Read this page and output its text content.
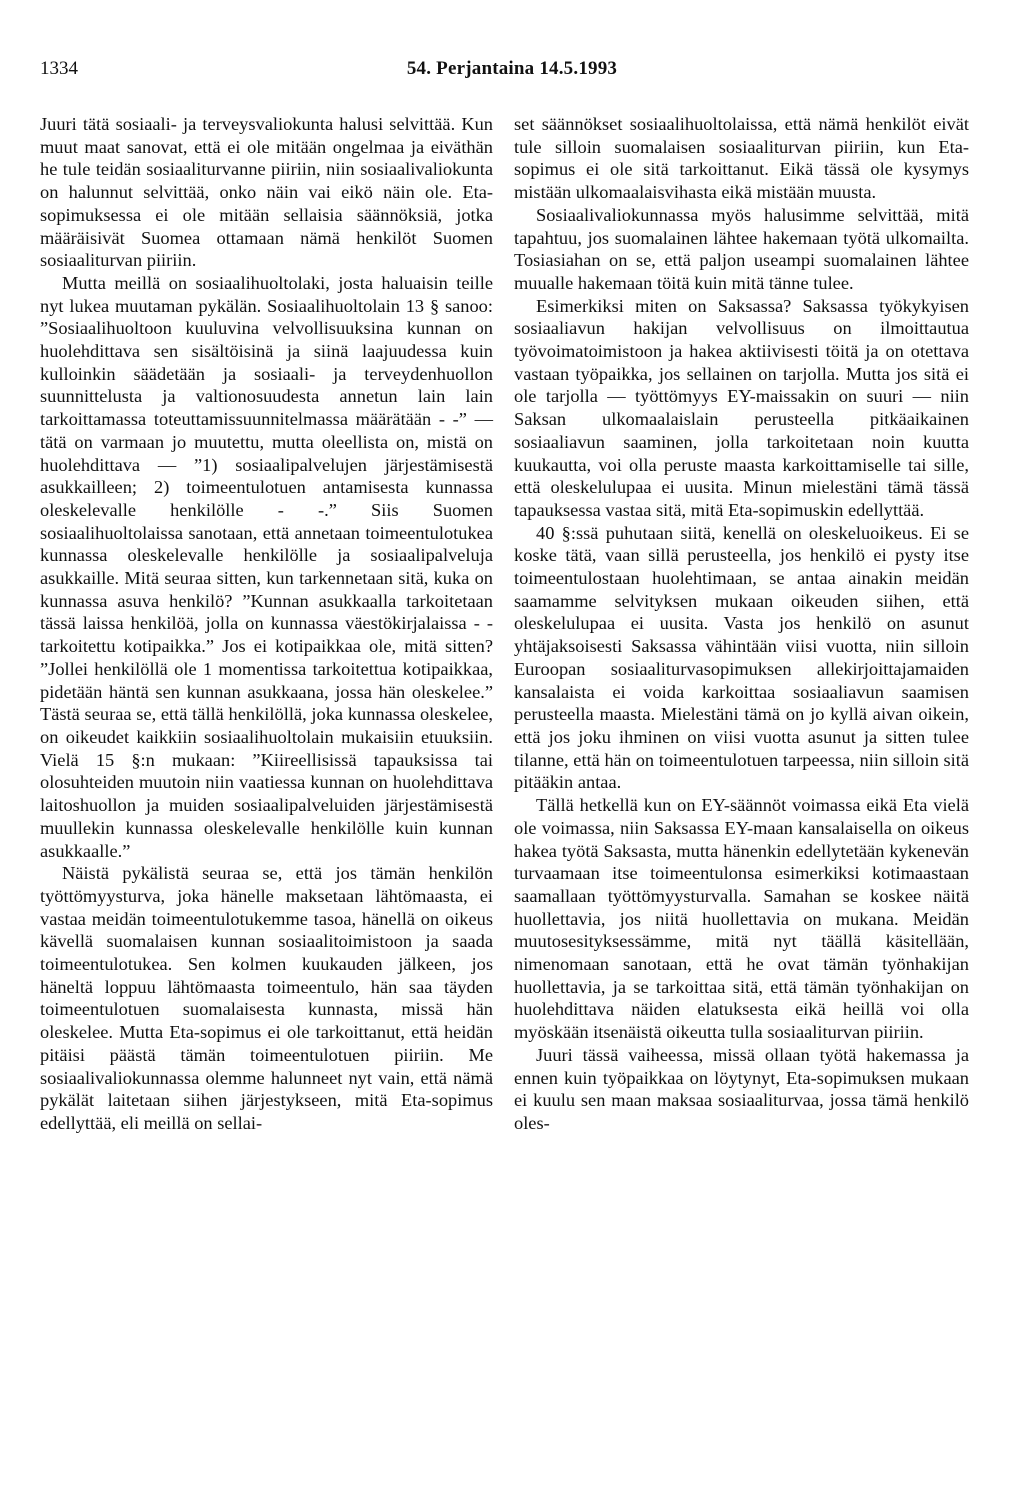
1334	54. Perjantaina 14.5.1993

Juuri tätä sosiaali- ja terveysvaliokunta halusi selvittää. Kun muut maat sanovat, että ei ole mitään ongelmaa ja eiväthän he tule teidän sosiaaliturvanne piiriin, niin sosiaalivaliokunta on halunnut selvittää, onko näin vai eikö näin ole. Eta-sopimuksessa ei ole mitään sellaisia säännöksiä, jotka määräisivät Suomea ottamaan nämä henkilöt Suomen sosiaaliturvan piiriin.

Mutta meillä on sosiaalihuoltolaki, josta haluaisin teille nyt lukea muutaman pykälän. Sosiaalihuoltolain 13 § sanoo: ”Sosiaalihuoltoon kuuluvina velvollisuuksina kunnan on huolehdittava sen sisältöisinä ja siinä laajuudessa kuin kulloinkin säädetään ja sosiaali- ja terveydenhuollon suunnittelusta ja valtionosuudesta annetun lain lain tarkoittamassa toteuttamissuunnitelmassa määrätään - -” — tätä on varmaan jo muutettu, mutta oleellista on, mistä on huolehdittava — ”1) sosiaalipalvelujen järjestämisestä asukkailleen; 2) toimeentulotuen antamisesta kunnassa oleskelevalle henkilölle - -.” Siis Suomen sosiaalihuoltolaissa sanotaan, että annetaan toimeentulotukea kunnassa oleskelevalle henkilölle ja sosiaalipalveluja asukkaille. Mitä seuraa sitten, kun tarkennetaan sitä, kuka on kunnassa asuva henkilö? ”Kunnan asukkaalla tarkoitetaan tässä laissa henkilöä, jolla on kunnassa väestökirjalaissa - - tarkoitettu kotipaikka.” Jos ei kotipaikkaa ole, mitä sitten? ”Jollei henkilöllä ole 1 momentissa tarkoitettua kotipaikkaa, pidetään häntä sen kunnan asukkaana, jossa hän oleskelee.” Tästä seuraa se, että tällä henkilöllä, joka kunnassa oleskelee, on oikeudet kaikkiin sosiaalihuoltolain mukaisiin etuuksiin. Vielä 15 §:n mukaan: ”Kiireellisissä tapauksissa tai olosuhteiden muutoin niin vaatiessa kunnan on huolehdittava laitoshuollon ja muiden sosiaalipalveluiden järjestämisestä muullekin kunnassa oleskelevalle henkilölle kuin kunnan asukkaalle.”

Näistä pykälistä seuraa se, että jos tämän henkilön työttömyysturva, joka hänelle maksetaan lähtömaasta, ei vastaa meidän toimeentulotukemme tasoa, hänellä on oikeus kävellä suomalaisen kunnan sosiaalitoimistoon ja saada toimeentulotukea. Sen kolmen kuukauden jälkeen, jos häneltä loppuu lähtömaasta toimeentulo, hän saa täyden toimeentulotuen suomalaisesta kunnasta, missä hän oleskelee. Mutta Eta-sopimus ei ole tarkoittanut, että heidän pitäisi päästä tämän toimeentulotuen piiriin. Me sosiaalivaliokunnassa olemme halunneet nyt vain, että nämä pykälät laitetaan siihen järjestykseen, mitä Eta-sopimus edellyttää, eli meillä on sellai-

set säännökset sosiaalihuoltolaissa, että nämä henkilöt eivät tule silloin suomalaisen sosiaaliturvan piiriin, kun Eta-sopimus ei ole sitä tarkoittanut. Eikä tässä ole kysymys mistään ulkomaalaisvihasta eikä mistään muusta.

Sosiaalivaliokunnassa myös halusimme selvittää, mitä tapahtuu, jos suomalainen lähtee hakemaan työtä ulkomailta. Tosiasiahan on se, että paljon useampi suomalainen lähtee muualle hakemaan töitä kuin mitä tänne tulee.

Esimerkiksi miten on Saksassa? Saksassa työkykyisen sosiaaliavun hakijan velvollisuus on ilmoittautua työvoimatoimistoon ja hakea aktiivisesti töitä ja on otettava vastaan työpaikka, jos sellainen on tarjolla. Mutta jos sitä ei ole tarjolla — työttömyys EY-maissakin on suuri — niin Saksan ulkomaalaislain perusteella pitkäaikainen sosiaaliavun saaminen, jolla tarkoitetaan noin kuutta kuukautta, voi olla peruste maasta karkoittamiselle tai sille, että oleskelulupaa ei uusita. Minun mielestäni tämä tässä tapauksessa vastaa sitä, mitä Eta-sopimuskin edellyttää.

40 §:ssä puhutaan siitä, kenellä on oleskeluoikeus. Ei se koske tätä, vaan sillä perusteella, jos henkilö ei pysty itse toimeentulostaan huolehtimaan, se antaa ainakin meidän saamamme selvityksen mukaan oikeuden siihen, että oleskelulupaa ei uusita. Vasta jos henkilö on asunut yhtäjaksoisesti Saksassa vähintään viisi vuotta, niin silloin Euroopan sosiaaliturvasopimuksen allekirjoittajamaiden kansalaista ei voida karkoittaa sosiaaliavun saamisen perusteella maasta. Mielestäni tämä on jo kyllä aivan oikein, että jos joku ihminen on viisi vuotta asunut ja sitten tulee tilanne, että hän on toimeentulotuen tarpeessa, niin silloin sitä pitääkin antaa.

Tällä hetkellä kun on EY-säännöt voimassa eikä Eta vielä ole voimassa, niin Saksassa EY-maan kansalaisella on oikeus hakea työtä Saksasta, mutta hänenkin edellytetään kykenevän turvaamaan itse toimeentulonsa esimerkiksi kotimaastaan saamallaan työttömyysturvalla. Samahan se koskee näitä huollettavia, jos niitä huollettavia on mukana. Meidän muutosesityksessämme, mitä nyt täällä käsitellään, nimenomaan sanotaan, että he ovat tämän työnhakijan huollettavia, ja se tarkoittaa sitä, että tämän työnhakijan on huolehdittava näiden elatuksesta eikä heillä voi olla myöskään itsenäistä oikeutta tulla sosiaaliturvan piiriin.

Juuri tässä vaiheessa, missä ollaan työtä hakemassa ja ennen kuin työpaikkaa on löytynyt, Eta-sopimuksen mukaan ei kuulu sen maan maksaa sosiaaliturvaa, jossa tämä henkilö oles-
